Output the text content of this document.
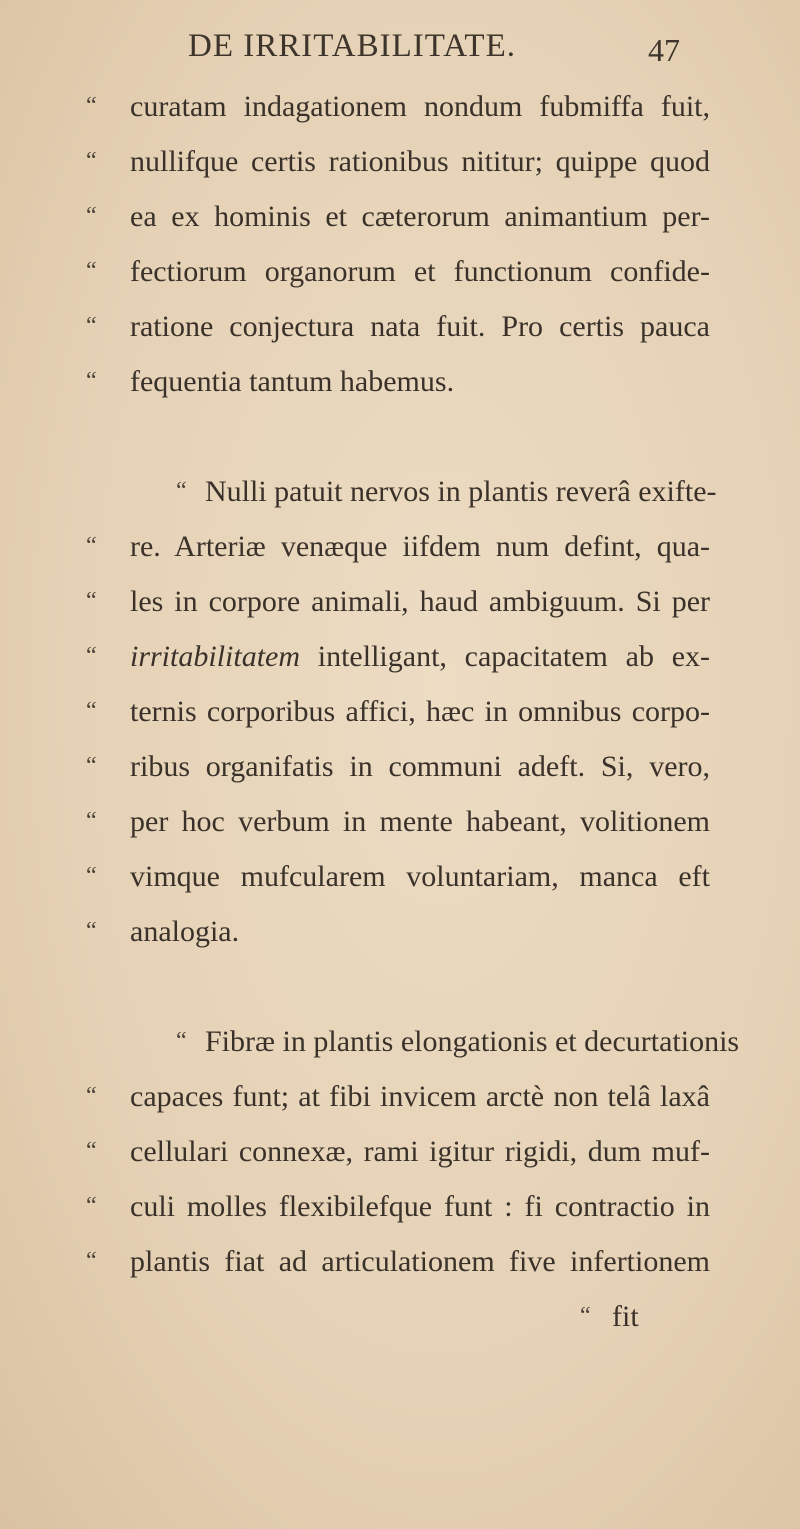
DE IRRITABILITATE.	47
“ curatam indagationem nondum fubmiffa fuit,
“ nullifque certis rationibus nititur; quippe quod
“ ea ex hominis et cæterorum animantium per-
“ fectiorum organorum et functionum confide-
“ ratione conjectura nata fuit. Pro certis pauca
“ fequentia tantum habemus.
“ Nulli patuit nervos in plantis reverâ exifte-
“ re. Arteriæ venæque iifdem num defint, qua-
“ les in corpore animali, haud ambiguum. Si per
“ irritabilitatem intelligant, capacitatem ab ex-
“ ternis corporibus affici, hæc in omnibus corpo-
“ ribus organifatis in communi adeft. Si, vero,
“ per hoc verbum in mente habeant, volitionem
“ vimque mufcularem voluntariam, manca eft
“ analogia.
“ Fibræ in plantis elongationis et decurtationis
“ capaces funt; at fibi invicem arctè non telâ laxâ
“ cellulari connexæ, rami igitur rigidi, dum muf-
“ culi molles flexibilefque funt : fi contractio in
“ plantis fiat ad articulationem five infertionem
“ fit
